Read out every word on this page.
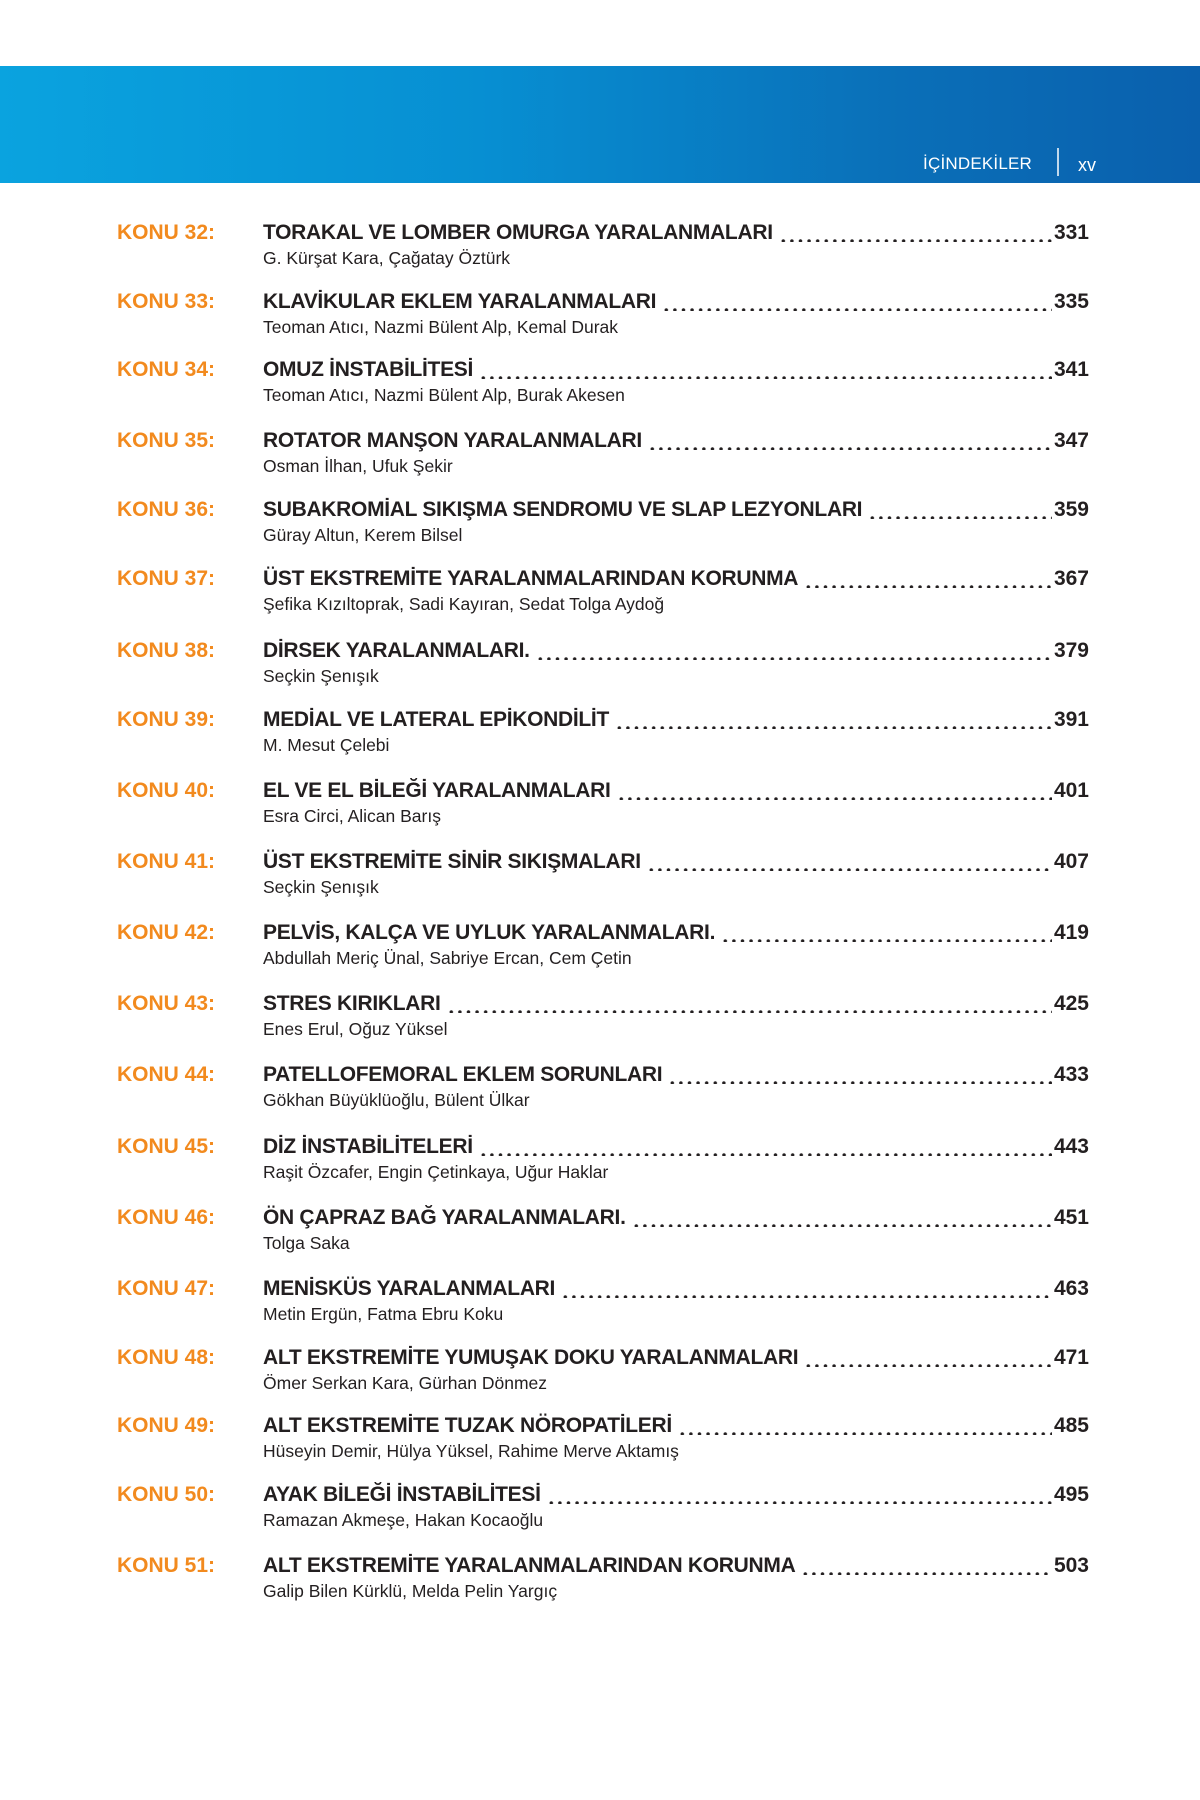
İÇİNDEKİLER	xv
KONU 32:	TORAKAL VE LOMBER OMURGA YARALANMALARI	331
G. Kürşat Kara, Çağatay Öztürk
KONU 33:	KLAVİKULAR EKLEM YARALANMALARI	335
Teoman Atıcı, Nazmi Bülent Alp, Kemal Durak
KONU 34:	OMUZ İNSTABİLİTESİ	341
Teoman Atıcı, Nazmi Bülent Alp, Burak Akesen
KONU 35:	ROTATOR MANŞON YARALANMALARI	347
Osman İlhan, Ufuk Şekir
KONU 36:	SUBAKROMİAL SIKIŞMA SENDROMU VE SLAP LEZYONLARI	359
Güray Altun, Kerem Bilsel
KONU 37:	ÜST EKSTREMİTE YARALANMALARINDAN KORUNMA	367
Şefika Kızıltoprak, Sadi Kayıran, Sedat Tolga Aydoğ
KONU 38:	DİRSEK YARALANMALARI.	379
Seçkin Şenışık
KONU 39:	MEDİAL VE LATERAL EPİKONDİLİT	391
M. Mesut Çelebi
KONU 40:	EL VE EL BİLEĞİ YARALANMALARI	401
Esra Circi, Alican Barış
KONU 41:	ÜST EKSTREMİTE SİNİR SIKIŞMALARI	407
Seçkin Şenışık
KONU 42:	PELVİS, KALÇA VE UYLUK YARALANMALARI.	419
Abdullah Meriç Ünal, Sabriye Ercan, Cem Çetin
KONU 43:	STRES KIRIKLARI	425
Enes Erul, Oğuz Yüksel
KONU 44:	PATELLOFEMORAL EKLEM SORUNLARI	433
Gökhan Büyüklüoğlu, Bülent Ülkar
KONU 45:	DİZ İNSTABİLİTELERİ	443
Raşit Özcafer, Engin Çetinkaya, Uğur Haklar
KONU 46:	ÖN ÇAPRAZ BAĞ YARALANMALARI.	451
Tolga Saka
KONU 47:	MENİSKÜS YARALANMALARI	463
Metin Ergün, Fatma Ebru Koku
KONU 48:	ALT EKSTREMİTE YUMUŞAK DOKU YARALANMALARI	471
Ömer Serkan Kara, Gürhan Dönmez
KONU 49:	ALT EKSTREMİTE TUZAK NÖROPATİLERİ	485
Hüseyin Demir, Hülya Yüksel, Rahime Merve Aktamış
KONU 50:	AYAK BİLEĞİ İNSTABİLİTESİ	495
Ramazan Akmeşe, Hakan Kocaoğlu
KONU 51:	ALT EKSTREMİTE YARALANMALARINDAN KORUNMA	503
Galip Bilen Kürklü, Melda Pelin Yargıç
